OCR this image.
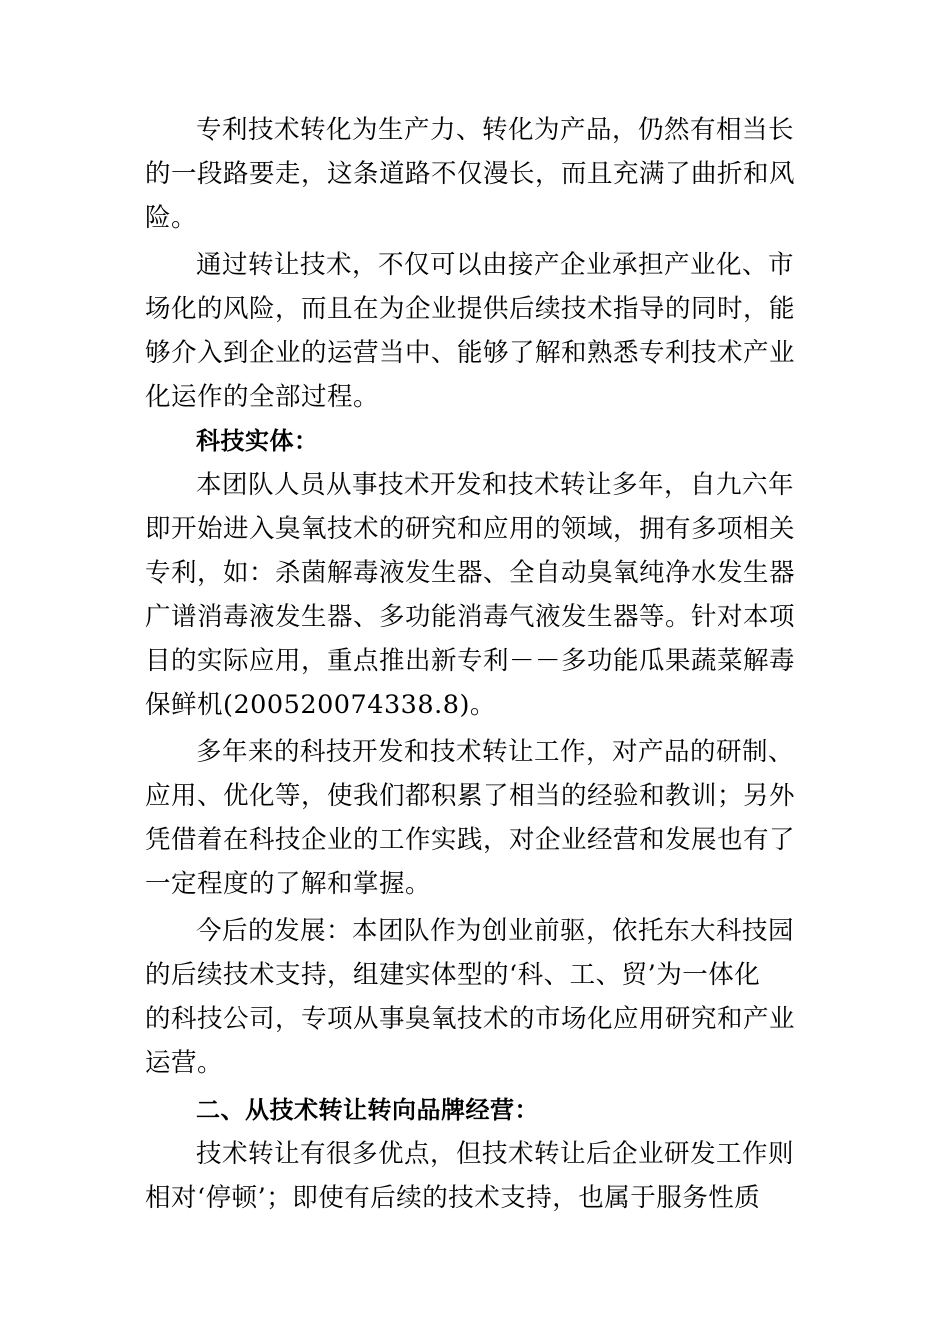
专利技术转化为生产力、转化为产品，仍然有相当长
的一段路要走，这条道路不仅漫长，而且充满了曲折和风
险。
通过转让技术，不仅可以由接产企业承担产业化、市
场化的风险，而且在为企业提供后续技术指导的同时，能
够介入到企业的运营当中、能够了解和熟悉专利技术产业
化运作的全部过程。
科技实体：
本团队人员从事技术开发和技术转让多年，自九六年
即开始进入臭氧技术的研究和应用的领域，拥有多项相关
专利，如：杀菌解毒液发生器、全自动臭氧纯净水发生器
广谱消毒液发生器、多功能消毒气液发生器等。针对本项
目的实际应用，重点推出新专利－－多功能瓜果蔬菜解毒
保鲜机(200520074338.8)。
多年来的科技开发和技术转让工作，对产品的研制、
应用、优化等，使我们都积累了相当的经验和教训；另外
凭借着在科技企业的工作实践，对企业经营和发展也有了
一定程度的了解和掌握。
今后的发展：本团队作为创业前驱，依托东大科技园
的后续技术支持，组建实体型的‘科、工、贸’为一体化
的科技公司，专项从事臭氧技术的市场化应用研究和产业
运营。
二、从技术转让转向品牌经营：
技术转让有很多优点，但技术转让后企业研发工作则
相对‘停顿’；即使有后续的技术支持，也属于服务性质
